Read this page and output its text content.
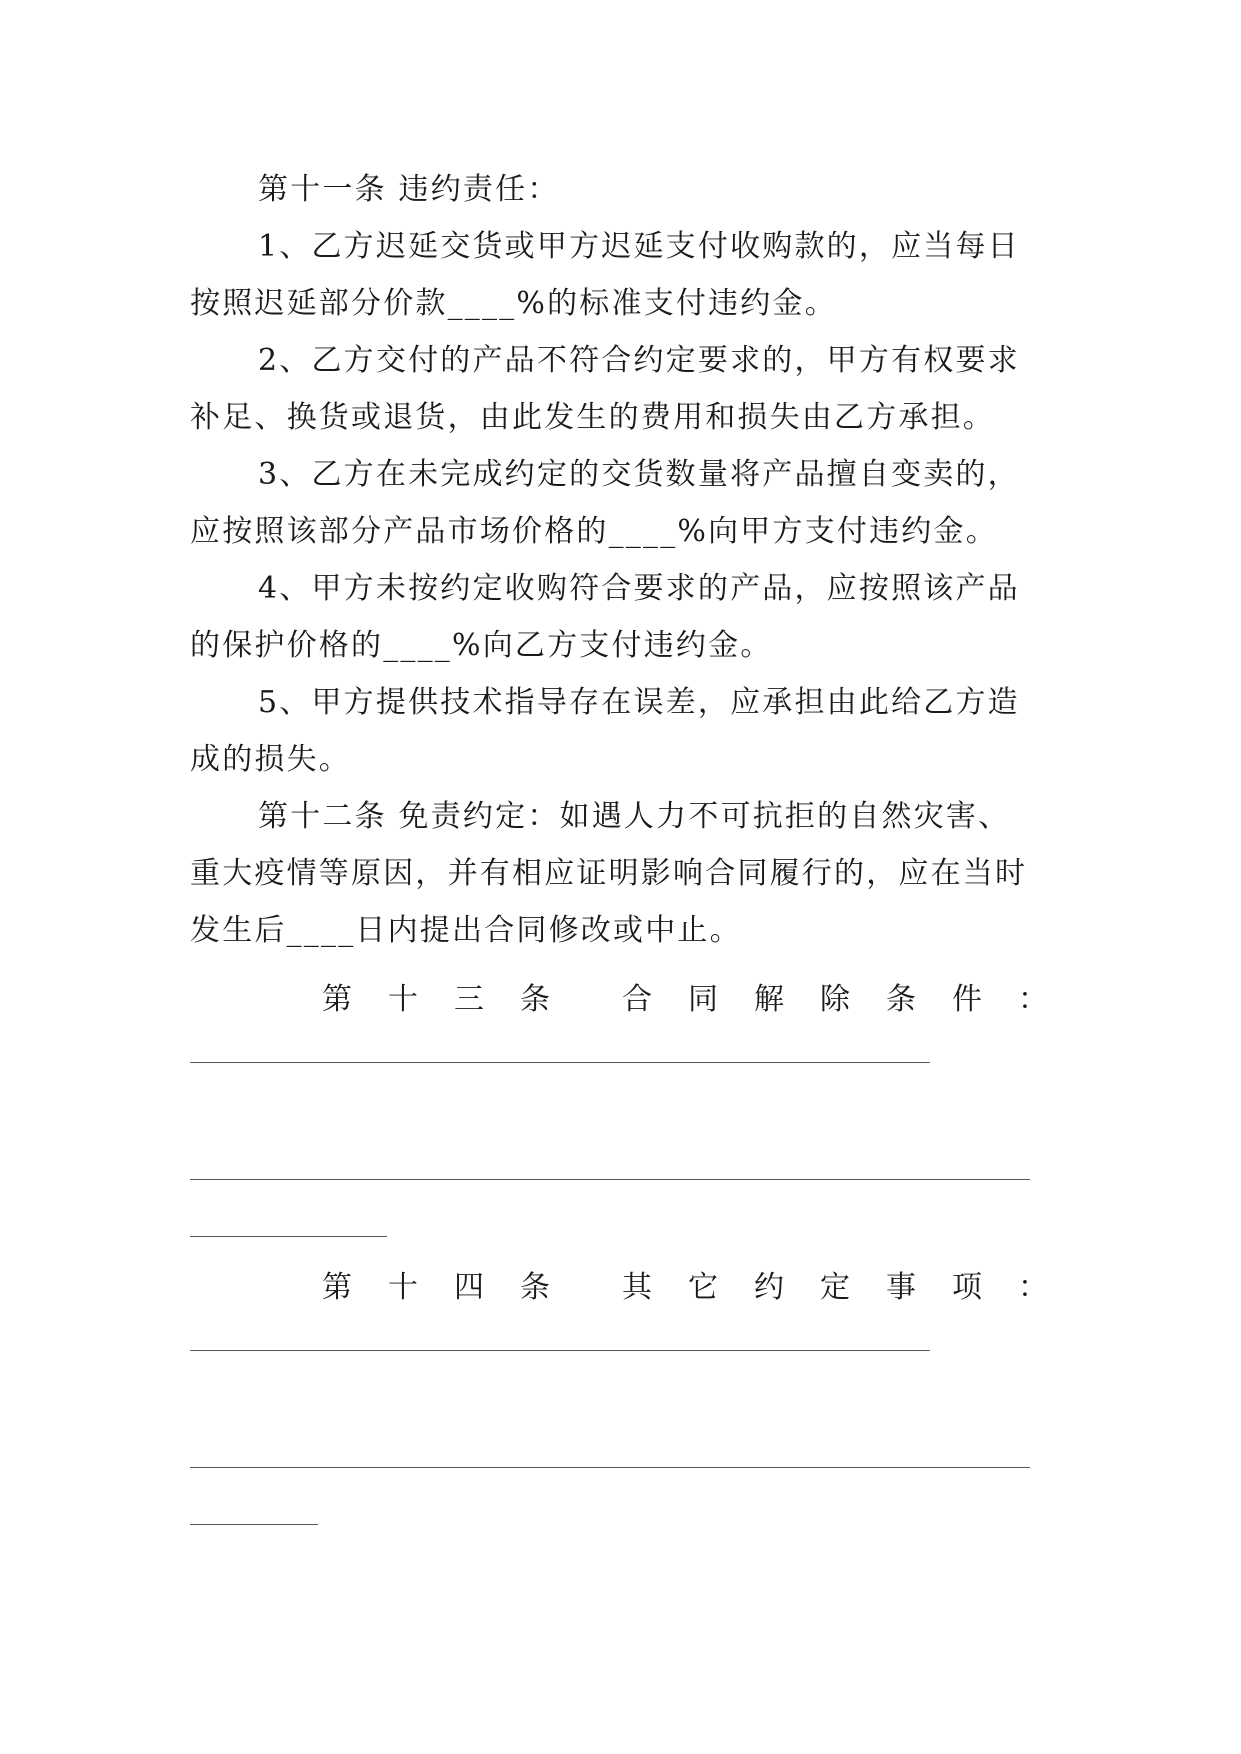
第十一条 违约责任：
1、乙方迟延交货或甲方迟延支付收购款的，应当每日
按照迟延部分价款____%的标准支付违约金。
2、乙方交付的产品不符合约定要求的，甲方有权要求
补足、换货或退货，由此发生的费用和损失由乙方承担。
3、乙方在未完成约定的交货数量将产品擅自变卖的，
应按照该部分产品市场价格的____%向甲方支付违约金。
4、甲方未按约定收购符合要求的产品，应按照该产品
的保护价格的____%向乙方支付违约金。
5、甲方提供技术指导存在误差，应承担由此给乙方造
成的损失。
第十二条 免责约定：如遇人力不可抗拒的自然灾害、
重大疫情等原因，并有相应证明影响合同履行的，应在当时
发生后____日内提出合同修改或中止。
第 十 三 条 合 同 解 除 条 件 ：
第 十 四 条 其 它 约 定 事 项 ：
